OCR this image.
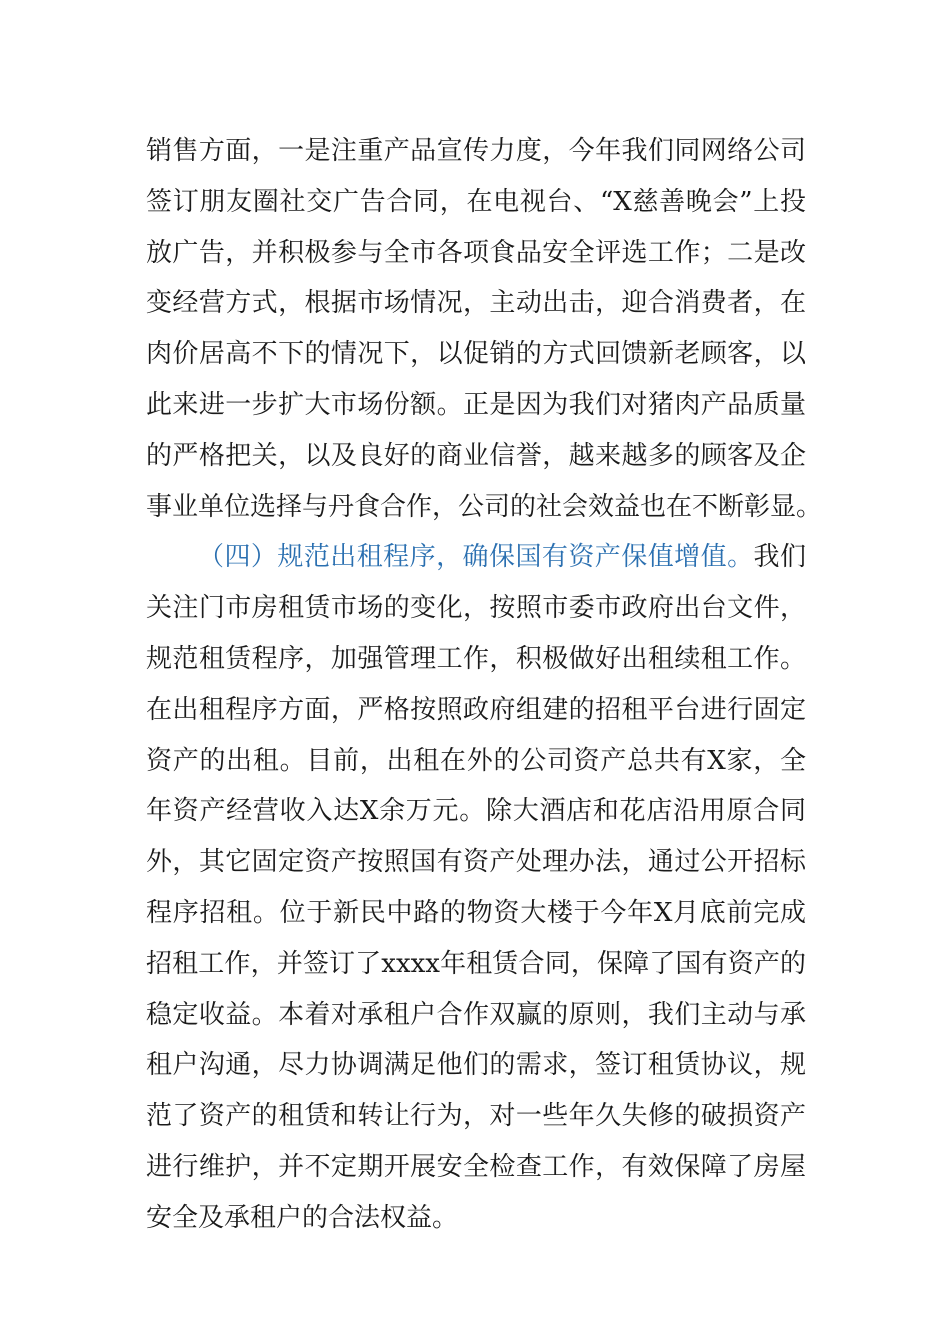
销售方面，一是注重产品宣传力度，今年我们同网络公司
签订朋友圈社交广告合同，在电视台、“X慈善晚会”上投
放广告，并积极参与全市各项食品安全评选工作；二是改
变经营方式，根据市场情况，主动出击，迎合消费者，在
肉价居高不下的情况下，以促销的方式回馈新老顾客，以
此来进一步扩大市场份额。正是因为我们对猪肉产品质量
的严格把关，以及良好的商业信誉，越来越多的顾客及企
事业单位选择与丹食合作，公司的社会效益也在不断彰显。
（四）规范出租程序，确保国有资产保值增值。我们
关注门市房租赁市场的变化，按照市委市政府出台文件，
规范租赁程序，加强管理工作，积极做好出租续租工作。
在出租程序方面，严格按照政府组建的招租平台进行固定
资产的出租。目前，出租在外的公司资产总共有X家，全
年资产经营收入达X余万元。除大酒店和花店沿用原合同
外，其它固定资产按照国有资产处理办法，通过公开招标
程序招租。位于新民中路的物资大楼于今年X月底前完成
招租工作，并签订了xxxx年租赁合同，保障了国有资产的
稳定收益。本着对承租户合作双赢的原则，我们主动与承
租户沟通，尽力协调满足他们的需求，签订租赁协议，规
范了资产的租赁和转让行为，对一些年久失修的破损资产
进行维护，并不定期开展安全检查工作，有效保障了房屋
安全及承租户的合法权益。
